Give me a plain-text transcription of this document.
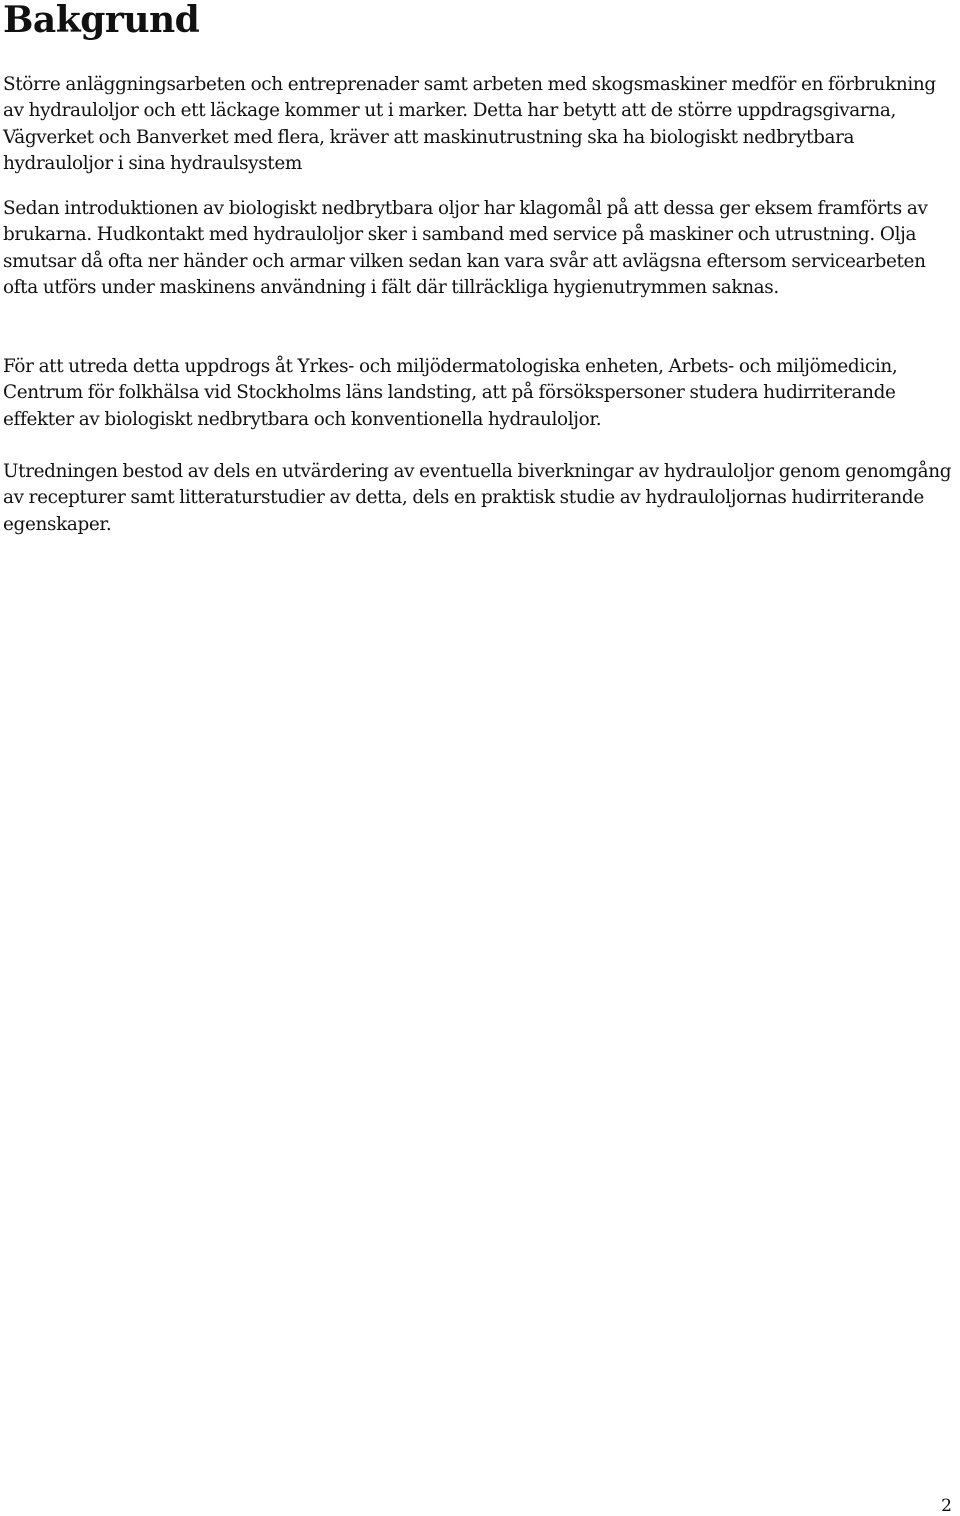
Bakgrund

Större anläggningsarbeten och entreprenader samt arbeten med skogsmaskiner medför en förbrukning av hydrauloljor och ett läckage kommer ut i marker. Detta har betytt att de större uppdragsgivarna, Vägverket och Banverket med flera, kräver att maskinutrustning ska ha biologiskt nedbrytbara hydrauloljor i sina hydraulsystem

Sedan introduktionen av biologiskt nedbrytbara oljor har klagomål på att dessa ger eksem framförts av brukarna. Hudkontakt med hydrauloljor sker i samband med service på maskiner och utrustning. Olja smutsar då ofta ner händer och armar vilken sedan kan vara svår att avlägsna eftersom servicearbeten ofta utförs under maskinens användning i fält där tillräckliga hygienutrymmen saknas.

För att utreda detta uppdrogs åt Yrkes- och miljödermatologiska enheten, Arbets- och miljömedicin, Centrum för folkhälsa vid Stockholms läns landsting, att på försökspersoner studera hudirriterande effekter av biologiskt nedbrytbara och konventionella hydrauloljor.

Utredningen bestod av dels en utvärdering av eventuella biverkningar av hydrauloljor genom genomgång av recepturer samt litteraturstudier av detta, dels en praktisk studie av hydrauloljornas hudirriterande egenskaper.

2
